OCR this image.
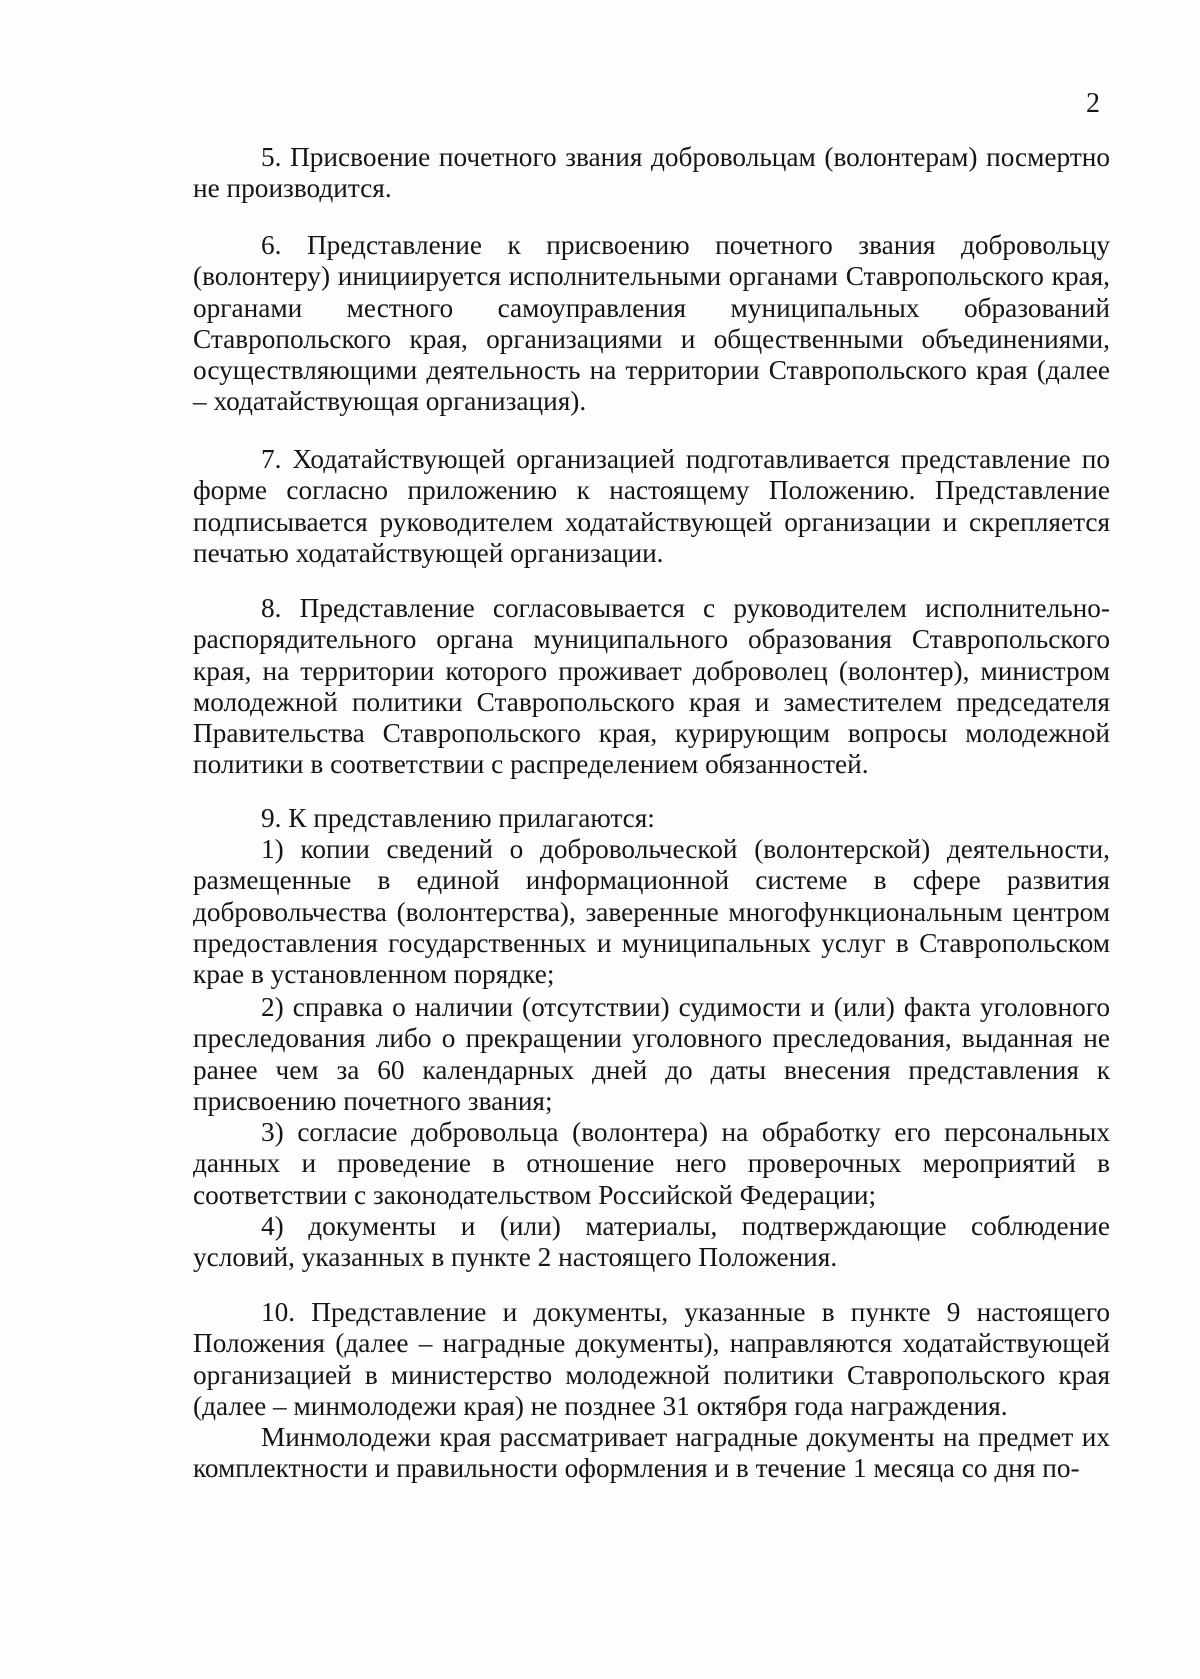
2

5. Присвоение почетного звания добровольцам (волонтерам) посмертно не производится.

6. Представление к присвоению почетного звания добровольцу (волонтеру) инициируется исполнительными органами Ставропольского края, органами местного самоуправления муниципальных образований Ставропольского края, организациями и общественными объединениями, осуществляющими деятельность на территории Ставропольского края (далее – ходатайствующая организация).

7. Ходатайствующей организацией подготавливается представление по форме согласно приложению к настоящему Положению. Представление подписывается руководителем ходатайствующей организации и скрепляется печатью ходатайствующей организации.

8. Представление согласовывается с руководителем исполнительно-распорядительного органа муниципального образования Ставропольского края, на территории которого проживает доброволец (волонтер), министром молодежной политики Ставропольского края и заместителем председателя Правительства Ставропольского края, курирующим вопросы молодежной политики в соответствии с распределением обязанностей.

9. К представлению прилагаются:

1) копии сведений о добровольческой (волонтерской) деятельности, размещенные в единой информационной системе в сфере развития добровольчества (волонтерства), заверенные многофункциональным центром предоставления государственных и муниципальных услуг в Ставропольском крае в установленном порядке;

2) справка о наличии (отсутствии) судимости и (или) факта уголовного преследования либо о прекращении уголовного преследования, выданная не ранее чем за 60 календарных дней до даты внесения представления к присвоению почетного звания;

3) согласие добровольца (волонтера) на обработку его персональных данных и проведение в отношение него проверочных мероприятий в соответствии с законодательством Российской Федерации;

4) документы и (или) материалы, подтверждающие соблюдение условий, указанных в пункте 2 настоящего Положения.

10. Представление и документы, указанные в пункте 9 настоящего Положения (далее – наградные документы), направляются ходатайствующей организацией в министерство молодежной политики Ставропольского края (далее – минмолодежи края) не позднее 31 октября года награждения.

Минмолодежи края рассматривает наградные документы на предмет их комплектности и правильности оформления и в течение 1 месяца со дня по-
